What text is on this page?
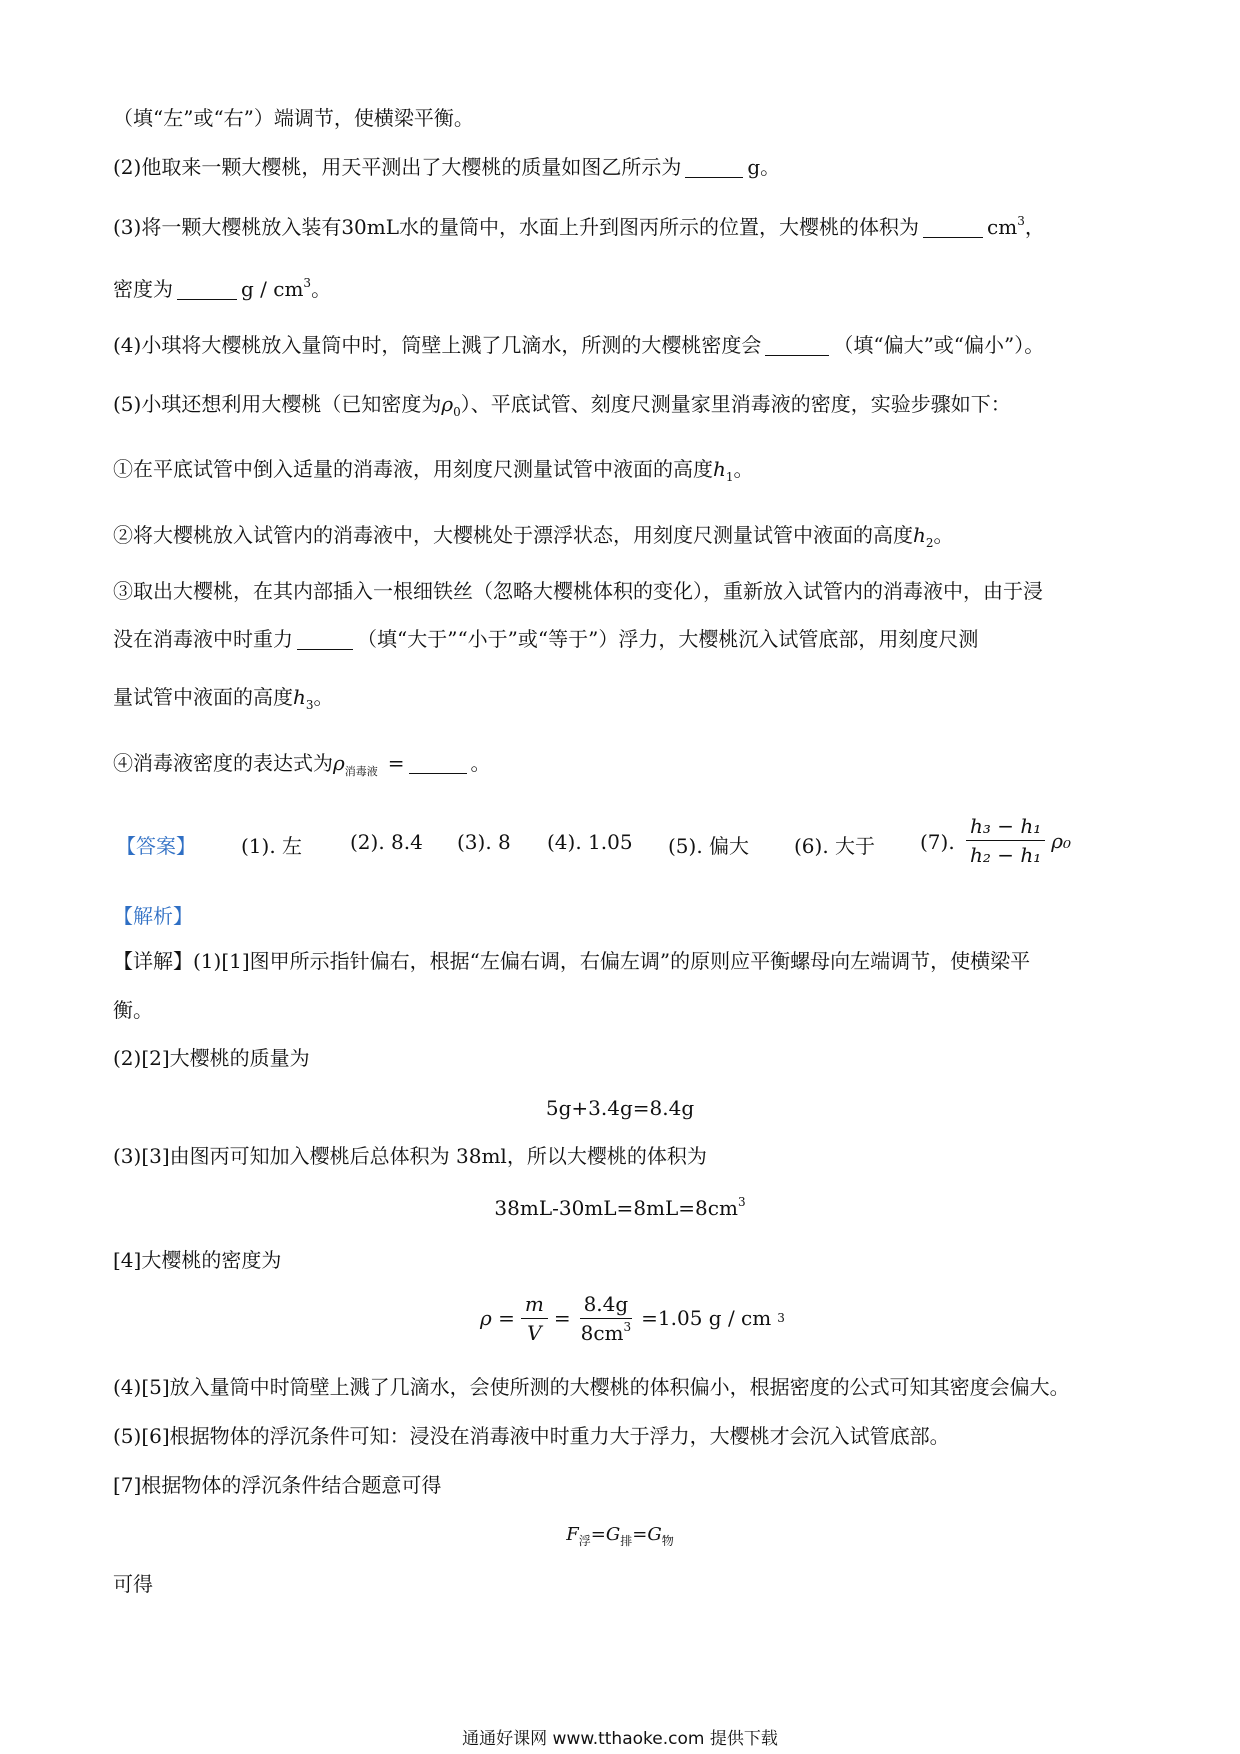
（填“左”或“右”）端调节，使横梁平衡。
(2)他取来一颗大樱桃，用天平测出了大樱桃的质量如图乙所示为	g。
(3)将一颗大樱桃放入装有30mL水的量筒中，水面上升到图丙所示的位置，大樱桃的体积为	$cm^3$，
密度为	g / $cm^3$。
(4)小琪将大樱桃放入量筒中时，筒壁上溅了几滴水，所测的大樱桃密度会	（填“偏大”或“偏小”）。
(5)小琪还想利用大樱桃（已知密度为$\rho_0$）、平底试管、刻度尺测量家里消毒液的密度，实验步骤如下：
①在平底试管中倒入适量的消毒液，用刻度尺测量试管中液面的高度$h_1$。
②将大樱桃放入试管内的消毒液中，大樱桃处于漂浮状态，用刻度尺测量试管中液面的高度$h_2$。
③取出大樱桃，在其内部插入一根细铁丝（忽略大樱桃体积的变化），重新放入试管内的消毒液中，由于浸
没在消毒液中时重力	（填“大于”“小于”或“等于”）浮力，大樱桃沉入试管底部，用刻度尺测
量试管中液面的高度$h_3$。
④消毒液密度的表达式为$\rho_{消毒液}$ =	。
【答案】 (1). 左 (2). 8.4 (3). 8 (4). 1.05 (5). 偏大 (6). 大于 (7). $\frac{\text{h₃ − h₁}}{\text{h₂ − h₁}} \rho_0$
【解析】
【详解】(1)[1]图甲所示指针偏右，根据“左偏右调，右偏左调”的原则应平衡螺母向左端调节，使横梁平
衡。
(2)[2]大樱桃的质量为
5g+3.4g=8.4g
(3)[3]由图丙可知加入樱桃后总体积为 38ml，所以大樱桃的体积为
$38mL-30mL=8mL=8cm^3$
[4]大樱桃的密度为
$\rho = \frac{m}{V} = \frac{8.4g}{8cm^3} =1.05$ g / cm 3
(4)[5]放入量筒中时筒壁上溅了几滴水，会使所测的大樱桃的体积偏小，根据密度的公式可知其密度会偏大。
(5)[6]根据物体的浮沉条件可知：浸没在消毒液中时重力大于浮力，大樱桃才会沉入试管底部。
[7]根据物体的浮沉条件结合题意可得
$F_浮=G_排=G_物$
可得
通通好课网 www.tthaoke.com 提供下载
